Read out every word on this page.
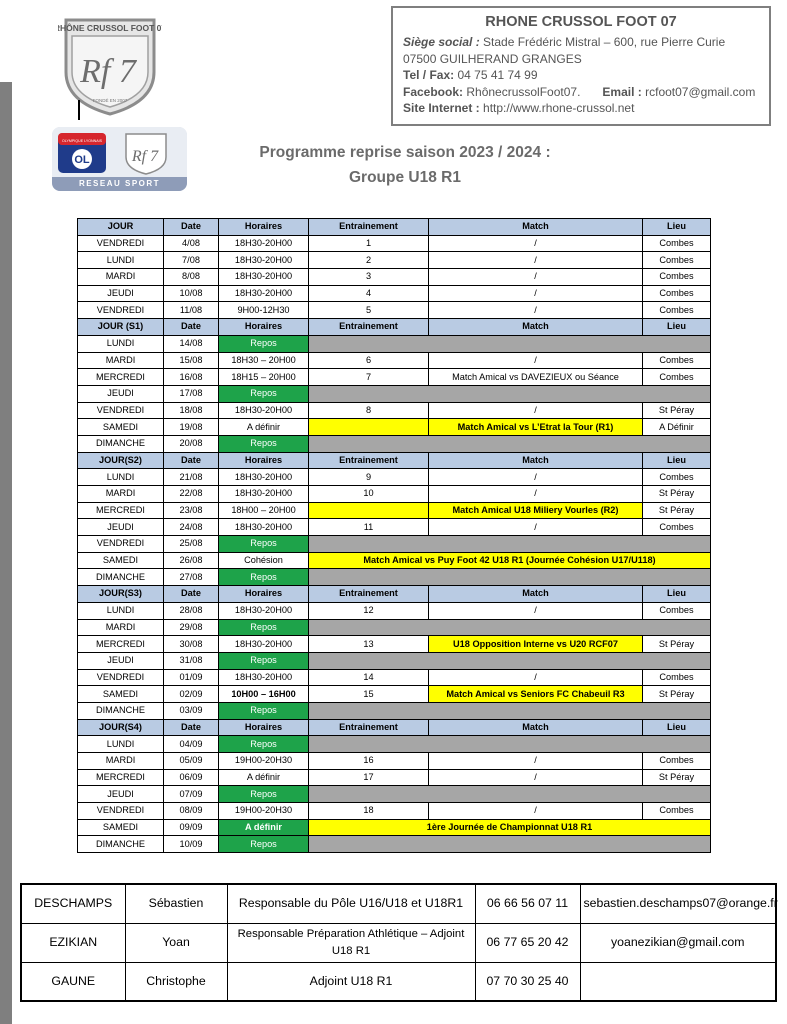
RHÔNE CRUSSOL FOOT 07
Rf 7
FONDÉ EN 2007
OLYMPIQUE LYONNAIS
OL	Rf 7
RESEAU SPORT
RHONE CRUSSOL FOOT 07
Siège social : Stade Frédéric Mistral – 600, rue Pierre Curie
07500 GUILHERAND GRANGES
Tel / Fax: 04 75 41 74 99
Facebook: RhônecrussolFoot07. Email : rcfoot07@gmail.com
Site Internet : http://www.rhone-crussol.net
Programme reprise saison 2023 / 2024 :
Groupe U18 R1
JOUR	Date	Horaires	Entrainement	Match	Lieu
VENDREDI	4/08	18H30-20H00	1	/	Combes
LUNDI	7/08	18H30-20H00	2	/	Combes
MARDI	8/08	18H30-20H00	3	/	Combes
JEUDI	10/08	18H30-20H00	4	/	Combes
VENDREDI	11/08	9H00-12H30	5	/	Combes
JOUR (S1)	Date	Horaires	Entrainement	Match	Lieu
LUNDI	14/08	Repos			
MARDI	15/08	18H30 – 20H00	6	/	Combes
MERCREDI	16/08	18H15 – 20H00	7	Match Amical vs DAVEZIEUX ou Séance	Combes
JEUDI	17/08	Repos			
VENDREDI	18/08	18H30-20H00	8	/	St Péray
SAMEDI	19/08	A définir		Match Amical vs L’Etrat la Tour (R1)	A Définir
DIMANCHE	20/08	Repos			
JOUR(S2)	Date	Horaires	Entrainement	Match	Lieu
LUNDI	21/08	18H30-20H00	9	/	Combes
MARDI	22/08	18H30-20H00	10	/	St Péray
MERCREDI	23/08	18H00 – 20H00		Match Amical U18 Miliery Vourles (R2)	St Péray
JEUDI	24/08	18H30-20H00	11	/	Combes
VENDREDI	25/08	Repos			
SAMEDI	26/08	Cohésion	Match Amical vs Puy Foot 42 U18 R1 (Journée Cohésion U17/U118)		
DIMANCHE	27/08	Repos			
JOUR(S3)	Date	Horaires	Entrainement	Match	Lieu
LUNDI	28/08	18H30-20H00	12	/	Combes
MARDI	29/08	Repos			
MERCREDI	30/08	18H30-20H00	13	U18 Opposition Interne vs U20 RCF07	St Péray
JEUDI	31/08	Repos			
VENDREDI	01/09	18H30-20H00	14	/	Combes
SAMEDI	02/09	10H00 – 16H00	15	Match Amical vs Seniors FC Chabeuil R3	St Péray
DIMANCHE	03/09	Repos			
JOUR(S4)	Date	Horaires	Entrainement	Match	Lieu
LUNDI	04/09	Repos			
MARDI	05/09	19H00-20H30	16	/	Combes
MERCREDI	06/09	A définir	17	/	St Péray
JEUDI	07/09	Repos			
VENDREDI	08/09	19H00-20H30	18	/	Combes
SAMEDI	09/09	A définir	1ère Journée de Championnat U18 R1		
DIMANCHE	10/09	Repos			
DESCHAMPS	Sébastien	Responsable du Pôle U16/U18 et U18R1	06 66 56 07 11	sebastien.deschamps07@orange.fr
EZIKIAN	Yoan	Responsable Préparation Athlétique – Adjoint U18 R1	06 77 65 20 42	yoanezikian@gmail.com
GAUNE	Christophe	Adjoint U18 R1	07 70 30 25 40	
